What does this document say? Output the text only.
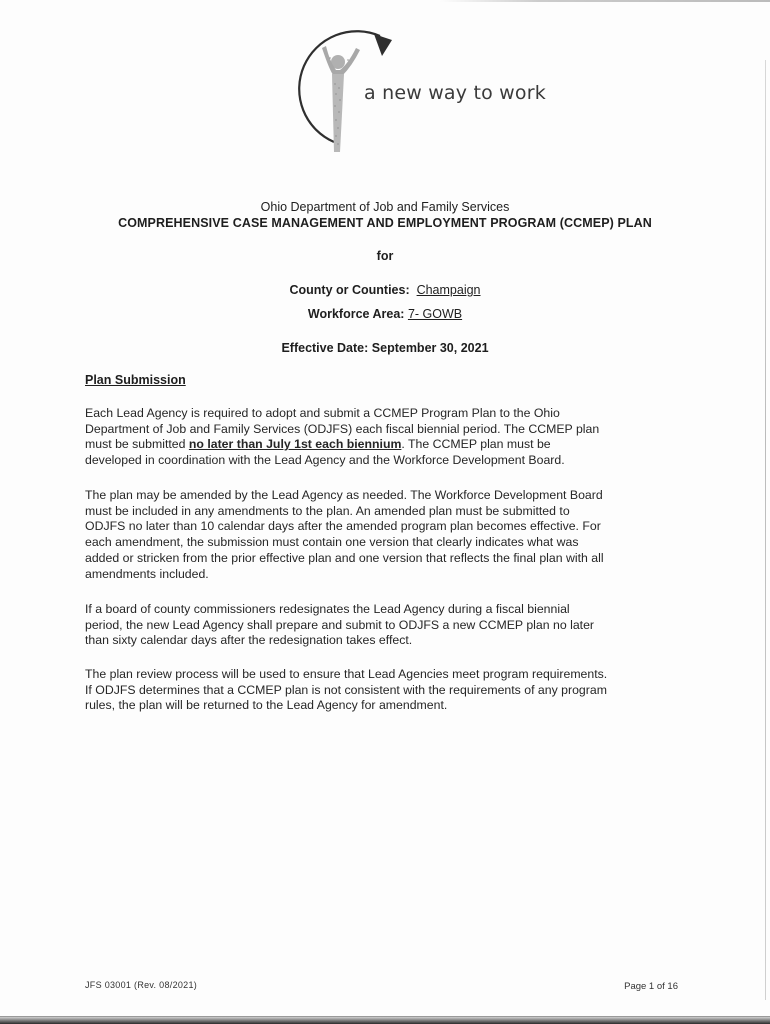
a new way to work
Ohio Department of Job and Family Services
COMPREHENSIVE CASE MANAGEMENT AND EMPLOYMENT PROGRAM (CCMEP) PLAN
for
County or Counties: Champaign
Workforce Area: 7- GOWB
Effective Date: September 30, 2021
Plan Submission
Each Lead Agency is required to adopt and submit a CCMEP Program Plan to the Ohio
Department of Job and Family Services (ODJFS) each fiscal biennial period. The CCMEP plan
must be submitted no later than July 1st each biennium. The CCMEP plan must be
developed in coordination with the Lead Agency and the Workforce Development Board.
The plan may be amended by the Lead Agency as needed. The Workforce Development Board
must be included in any amendments to the plan. An amended plan must be submitted to
ODJFS no later than 10 calendar days after the amended program plan becomes effective. For
each amendment, the submission must contain one version that clearly indicates what was
added or stricken from the prior effective plan and one version that reflects the final plan with all
amendments included.
If a board of county commissioners redesignates the Lead Agency during a fiscal biennial
period, the new Lead Agency shall prepare and submit to ODJFS a new CCMEP plan no later
than sixty calendar days after the redesignation takes effect.
The plan review process will be used to ensure that Lead Agencies meet program requirements.
If ODJFS determines that a CCMEP plan is not consistent with the requirements of any program
rules, the plan will be returned to the Lead Agency for amendment.
JFS 03001 (Rev. 08/2021)	Page 1 of 16
